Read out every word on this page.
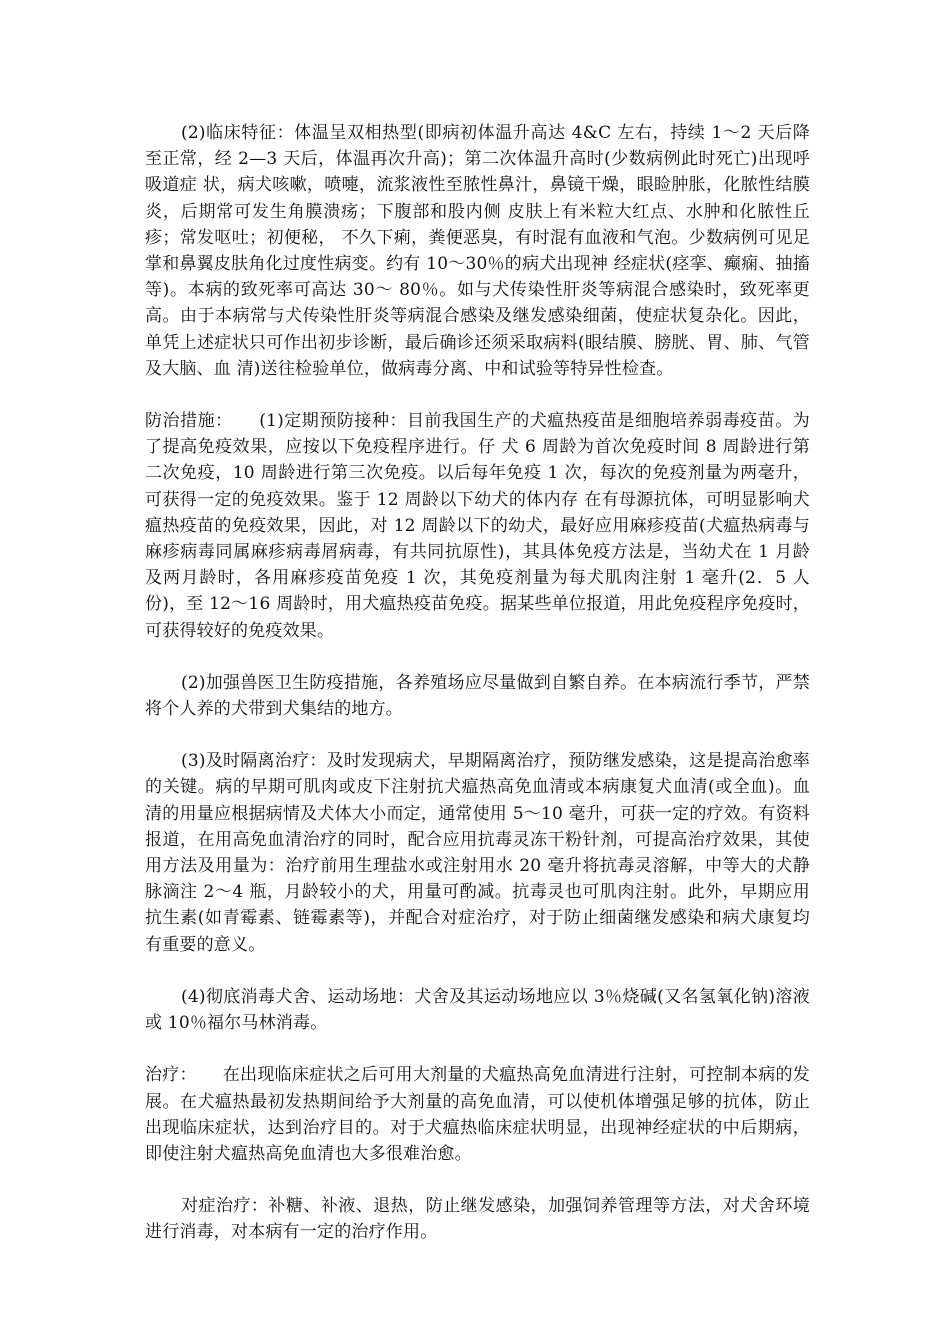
(2)临床特征：体温呈双相热型(即病初体温升高达 4&C 左右，持续 1～2 天后降至正常，经 2—3 天后，体温再次升高)；第二次体温升高时(少数病例此时死亡)出现呼吸道症 状，病犬咳嗽，喷嚏，流浆液性至脓性鼻汁，鼻镜干燥，眼睑肿胀，化脓性结膜炎，后期常可发生角膜溃疡；下腹部和股内侧 皮肤上有米粒大红点、水肿和化脓性丘疹；常发呕吐；初便秘， 不久下痢，粪便恶臭，有时混有血液和气泡。少数病例可见足掌和鼻翼皮肤角化过度性病变。约有 10～30％的病犬出现神 经症状(痉挛、癫痫、抽搐等)。本病的致死率可高达 30～ 80％。如与犬传染性肝炎等病混合感染时，致死率更高。由于本病常与犬传染性肝炎等病混合感染及继发感染细菌，使症状复杂化。因此，单凭上述症状只可作出初步诊断，最后确诊还须采取病料(眼结膜、膀胱、胃、肺、气管及大脑、血 清)送往检验单位，做病毒分离、中和试验等特异性检查。

防治措施：　　(1)定期预防接种：目前我国生产的犬瘟热疫苗是细胞培养弱毒疫苗。为了提高免疫效果，应按以下免疫程序进行。仔 犬 6 周龄为首次免疫时间 8 周龄进行第二次免疫，10 周龄进行第三次免疫。以后每年免疫 1 次，每次的免疫剂量为两毫升，可获得一定的免疫效果。鉴于 12 周龄以下幼犬的体内存 在有母源抗体，可明显影响犬瘟热疫苗的免疫效果，因此，对 12 周龄以下的幼犬，最好应用麻疹疫苗(犬瘟热病毒与麻疹病毒同属麻疹病毒屑病毒，有共同抗原性)，其具体免疫方法是，当幼犬在 1 月龄及两月龄时，各用麻疹疫苗免疫 1 次，其免疫剂量为每犬肌肉注射 1 毫升(2．5 人份)，至 12～16 周龄时，用犬瘟热疫苗免疫。据某些单位报道，用此免疫程序免疫时，可获得较好的免疫效果。

(2)加强兽医卫生防疫措施，各养殖场应尽量做到自繁自养。在本病流行季节，严禁将个人养的犬带到犬集结的地方。

(3)及时隔离治疗：及时发现病犬，早期隔离治疗，预防继发感染，这是提高治愈率的关键。病的早期可肌肉或皮下注射抗犬瘟热高免血清或本病康复犬血清(或全血)。血清的用量应根据病情及犬体大小而定，通常使用 5～10 毫升，可获一定的疗效。有资料报道，在用高免血清治疗的同时，配合应用抗毒灵冻干粉针剂，可提高治疗效果，其使用方法及用量为：治疗前用生理盐水或注射用水 20 毫升将抗毒灵溶解，中等大的犬静脉滴注 2～4 瓶，月龄较小的犬，用量可酌减。抗毒灵也可肌肉注射。此外，早期应用抗生素(如青霉素、链霉素等)，并配合对症治疗，对于防止细菌继发感染和病犬康复均有重要的意义。

(4)彻底消毒犬舍、运动场地：犬舍及其运动场地应以 3％烧碱(又名氢氧化钠)溶液或 10％福尔马林消毒。

治疗：　　在出现临床症状之后可用大剂量的犬瘟热高免血清进行注射，可控制本病的发展。在犬瘟热最初发热期间给予大剂量的高免血清，可以使机体增强足够的抗体，防止出现临床症状，达到治疗目的。对于犬瘟热临床症状明显，出现神经症状的中后期病，即使注射犬瘟热高免血清也大多很难治愈。

对症治疗：补糖、补液、退热，防止继发感染，加强饲养管理等方法，对犬舍环境进行消毒，对本病有一定的治疗作用。
